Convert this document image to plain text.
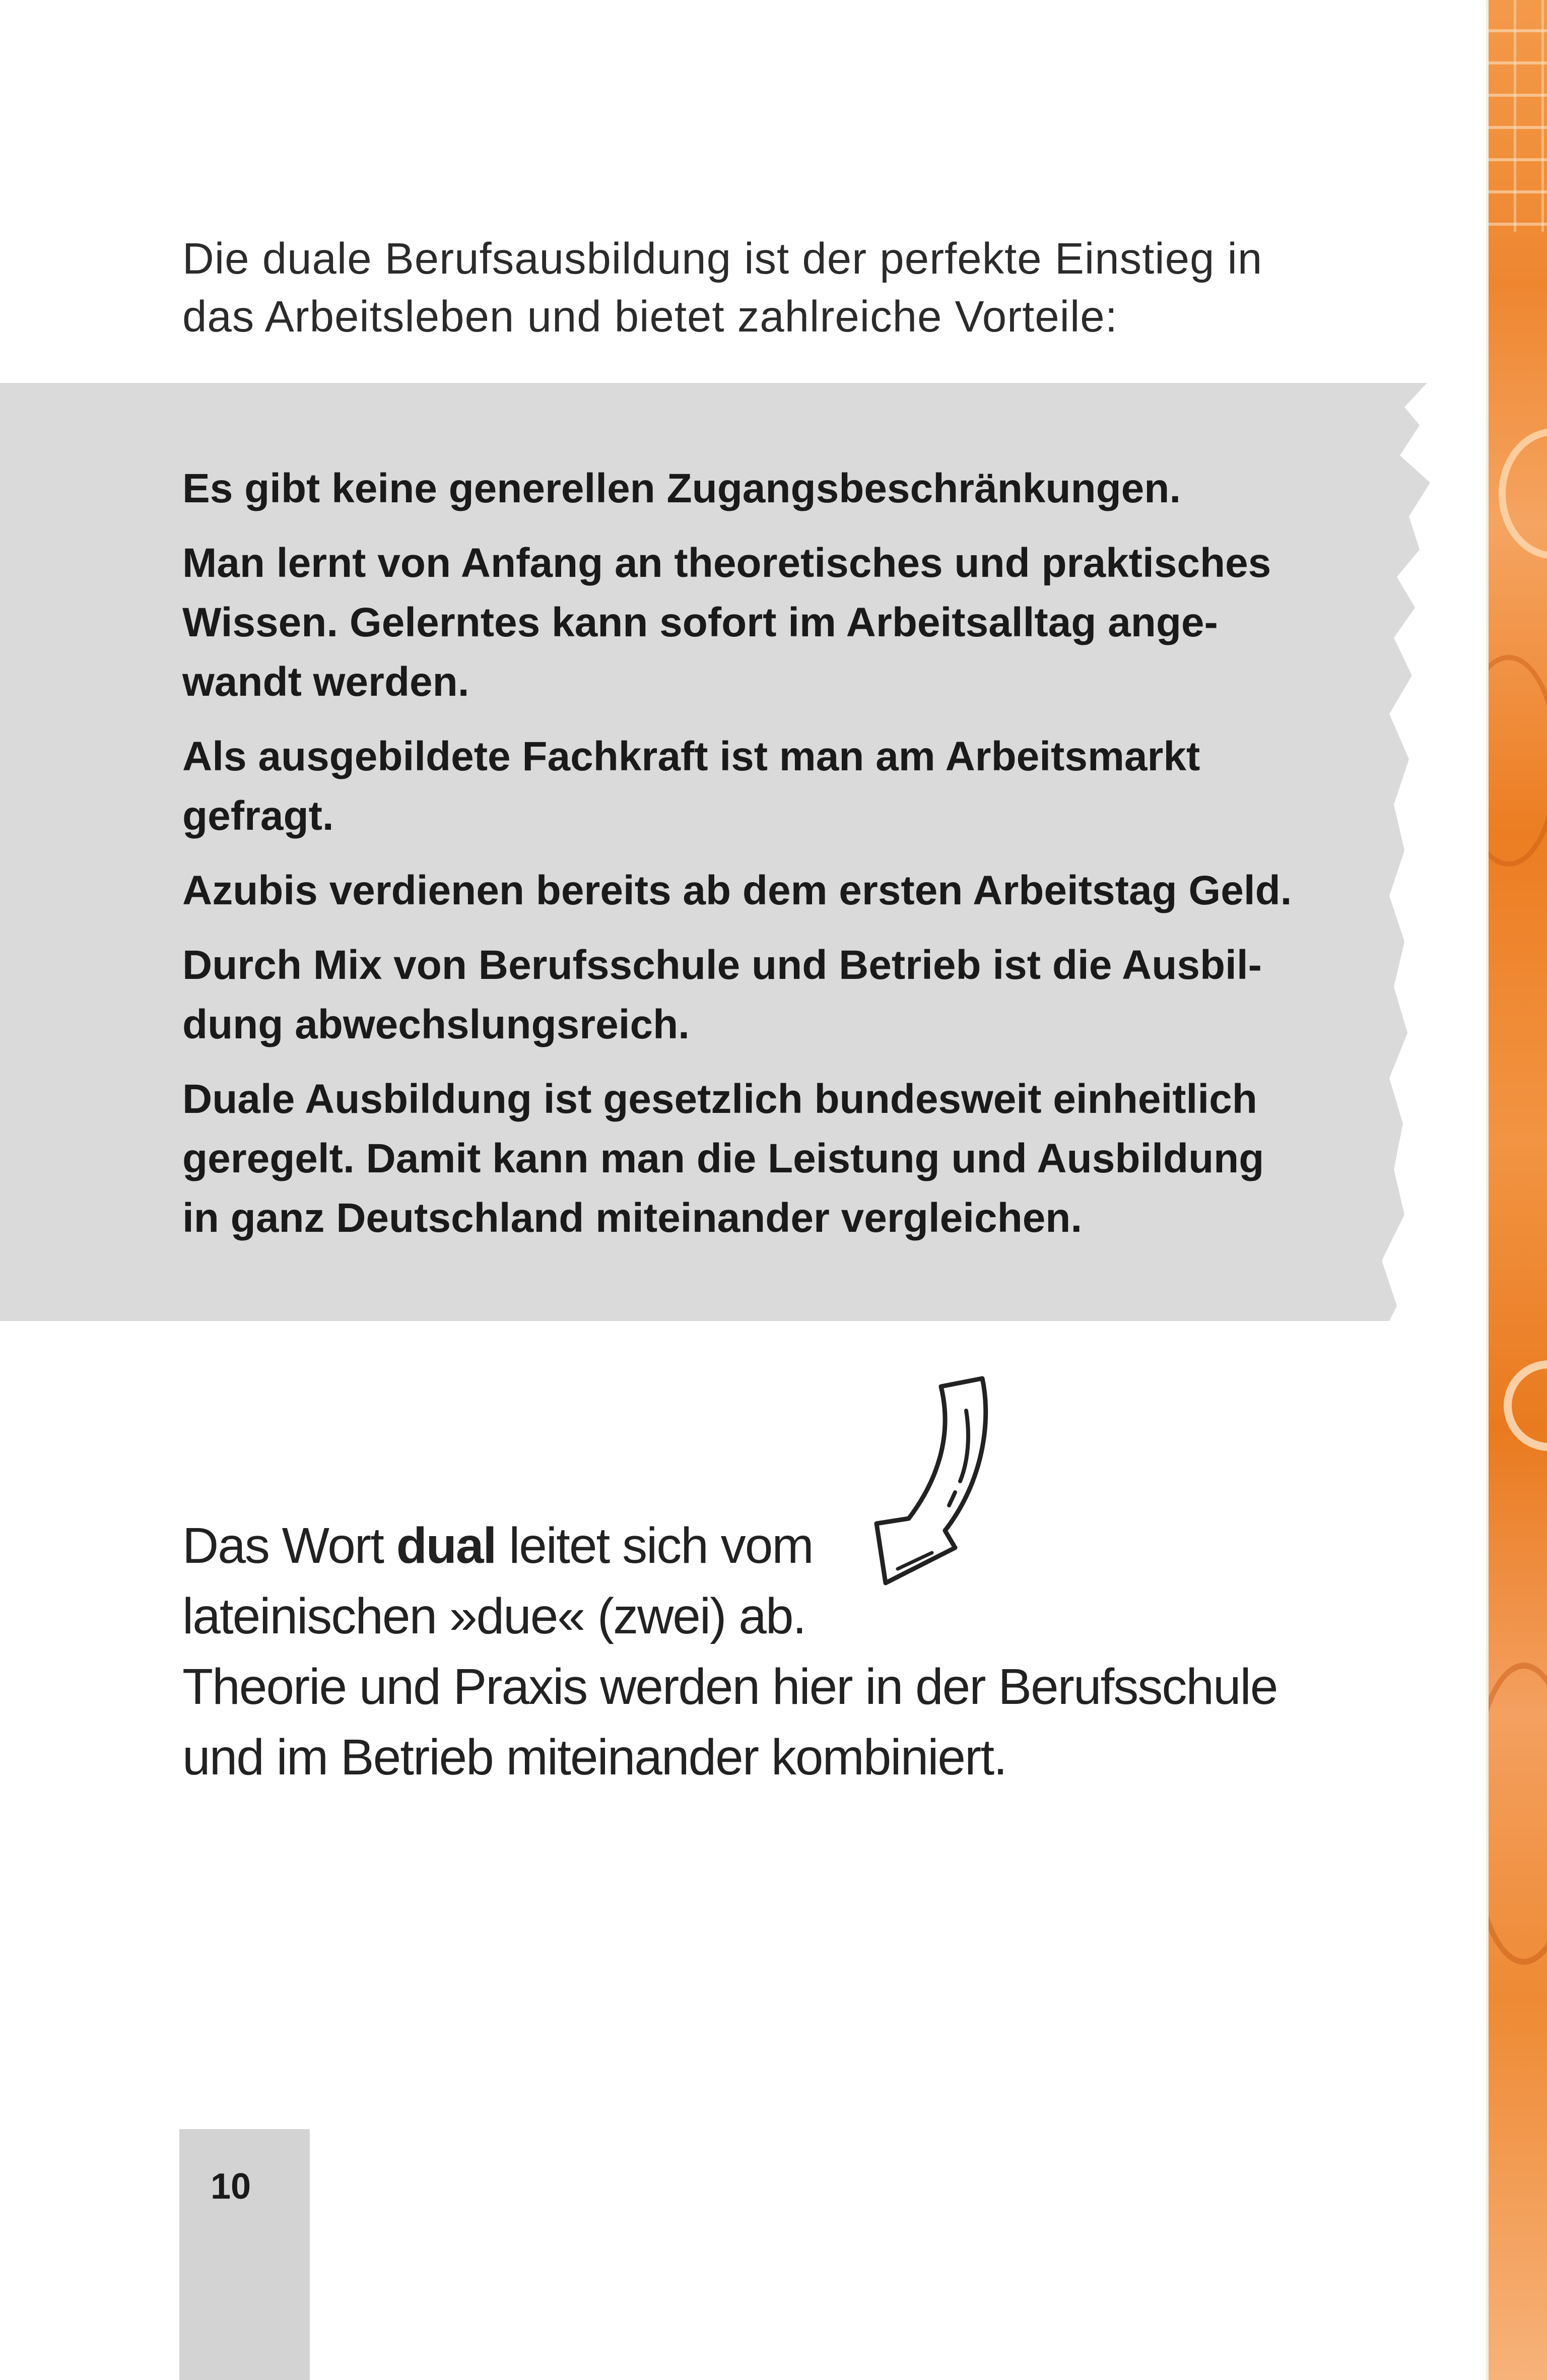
Die duale Berufsausbildung ist der perfekte Einstieg in
das Arbeitsleben und bietet zahlreiche Vorteile:
Es gibt keine generellen Zugangsbeschränkungen.
Man lernt von Anfang an theoretisches und praktisches
Wissen. Gelerntes kann sofort im Arbeitsalltag ange-
wandt werden.
Als ausgebildete Fachkraft ist man am Arbeitsmarkt
gefragt.
Azubis verdienen bereits ab dem ersten Arbeitstag Geld.
Durch Mix von Berufsschule und Betrieb ist die Ausbil-
dung abwechslungsreich.
Duale Ausbildung ist gesetzlich bundesweit einheitlich
geregelt. Damit kann man die Leistung und Ausbildung
in ganz Deutschland miteinander vergleichen.
Das Wort dual leitet sich vom
lateinischen »due« (zwei) ab.
Theorie und Praxis werden hier in der Berufsschule
und im Betrieb miteinander kombiniert.
10
